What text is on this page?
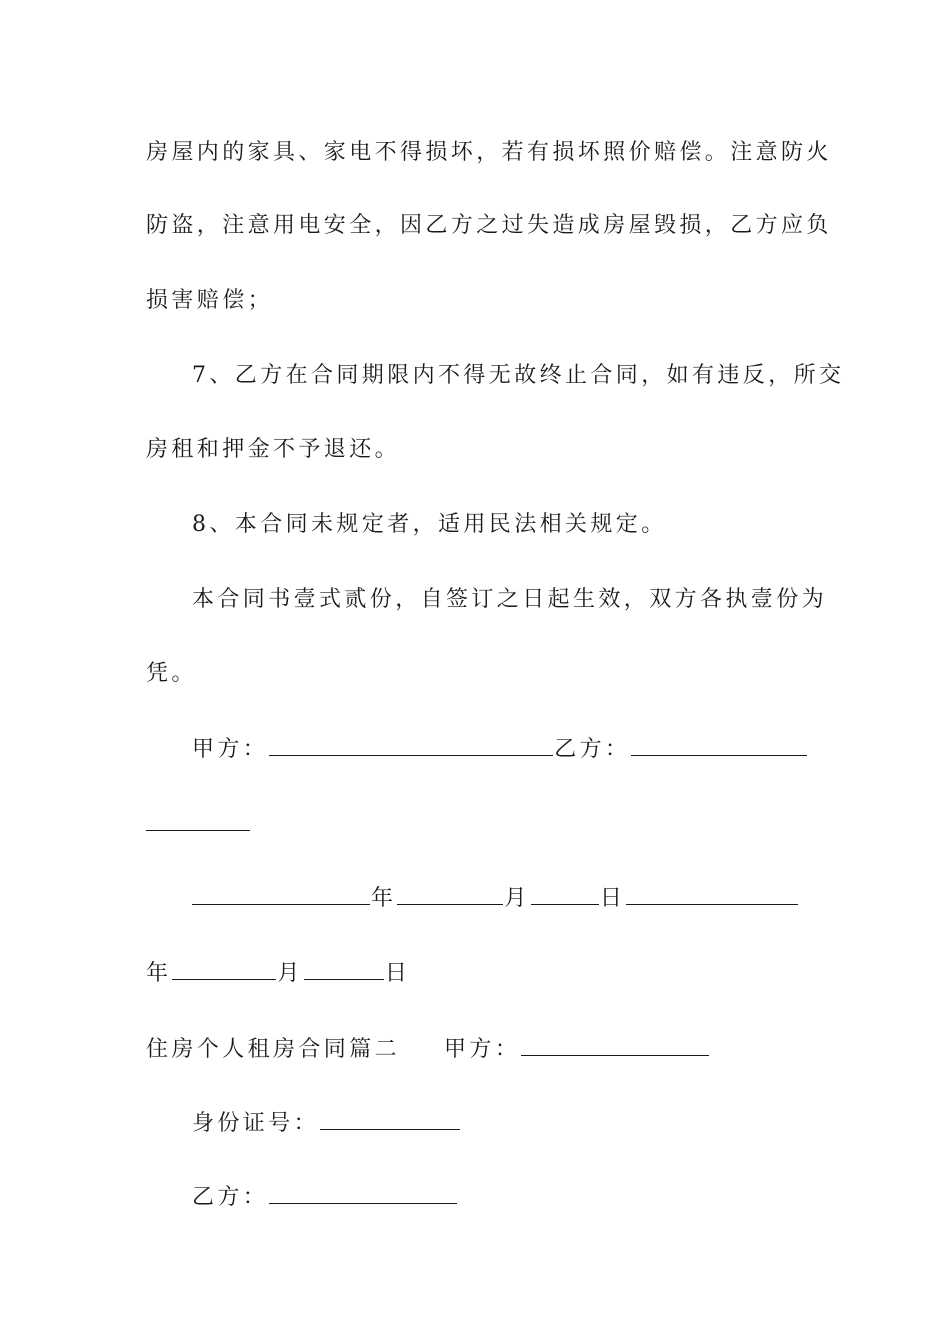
房屋内的家具、家电不得损坏，若有损坏照价赔偿。注意防火
防盗，注意用电安全，因乙方之过失造成房屋毁损，乙方应负
损害赔偿；
7、乙方在合同期限内不得无故终止合同，如有违反，所交
房租和押金不予退还。
8、本合同未规定者，适用民法相关规定。
本合同书壹式贰份，自签订之日起生效，双方各执壹份为
凭。
甲方：	乙方：
年	月	日
年	月	日
住房个人租房合同篇二 甲方：
身份证号：
乙方：
